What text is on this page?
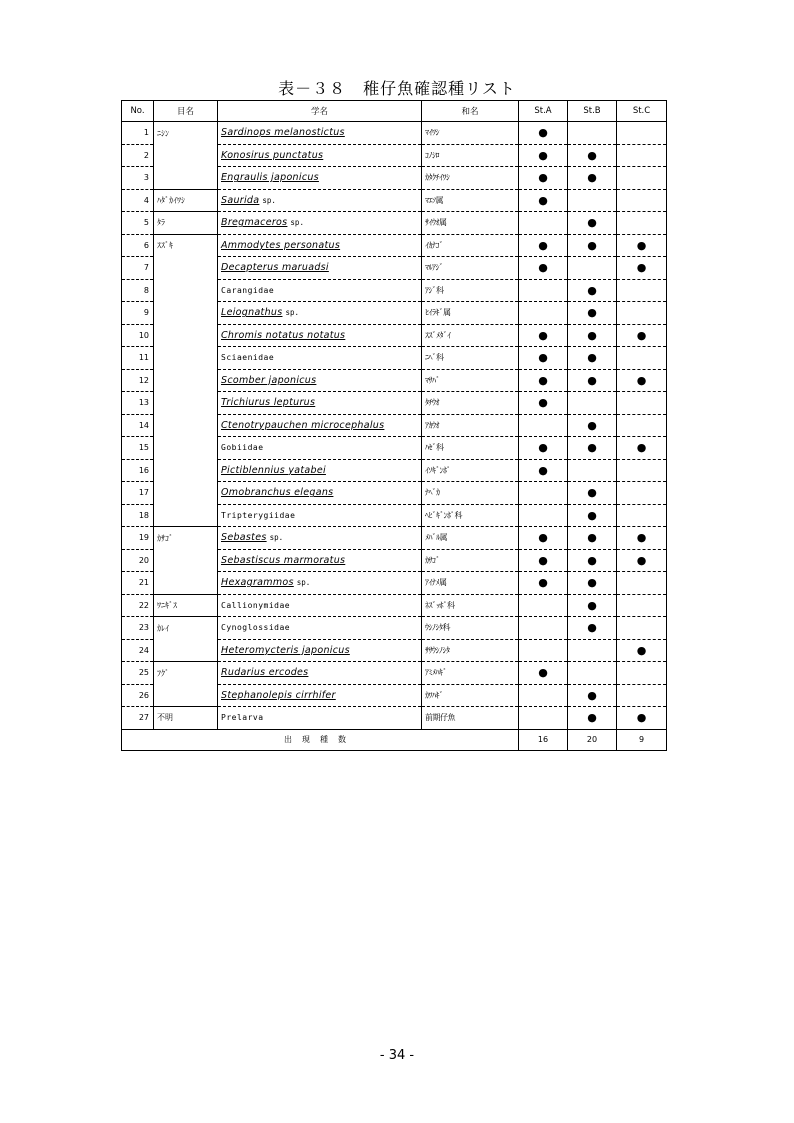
表－３８　稚仔魚確認種リスト
No.	目名	学名	和名	St.A	St.B	St.C
1	ﾆｼﾝ	Sardinops melanostictus	ﾏｲﾜｼ	●		
2		Konosirus punctatus	ｺﾉｼﾛ	●	●	
3		Engraulis japonicus	ｶﾀｸﾁｲﾜｼ	●	●	
4	ﾊﾀﾞｶｲﾜｼ	Saurida sp.	ﾏｴｿ属	●		
5	ﾀﾗ	Bregmaceros sp.	ｻｲｳｵ属		●	
6	ｽｽﾞｷ	Ammodytes personatus	ｲｶﾅｺﾞ	●	●	●
7		Decapterus maruadsi	ﾏﾙｱｼﾞ	●		●
8		Carangidae	ｱｼﾞ科		●	
9		Leiognathus sp.	ﾋｲﾗｷﾞ属		●	
10		Chromis notatus notatus	ｽｽﾞﾒﾀﾞｲ	●	●	●
11		Sciaenidae	ﾆﾍﾞ科	●	●	
12		Scomber japonicus	ﾏｻﾊﾞ	●	●	●
13		Trichiurus lepturus	ﾀﾁｳｵ	●		
14		Ctenotrypauchen microcephalus	ｱｶｳｵ		●	
15		Gobiidae	ﾊｾﾞ科	●	●	●
16		Pictiblennius yatabei	ｲｿｷﾞﾝﾎﾟ	●		
17		Omobranchus elegans	ﾅﾍﾞｶ		●	
18		Tripterygiidae	ﾍﾋﾞｷﾞﾝﾎﾟ科		●	
19	ｶｻｺﾞ	Sebastes sp.	ﾒﾊﾞﾙ属	●	●	●
20		Sebastiscus marmoratus	ｶｻｺﾞ	●	●	●
21		Hexagrammos sp.	ｱｲﾅﾒ属	●	●	
22	ﾜﾆｷﾞｽ	Callionymidae	ﾈｽﾞｯﾎﾟ科		●	
23	ｶﾚｲ	Cynoglossidae	ｳｼﾉｼﾀ科		●	
24		Heteromycteris japonicus	ｻｻｳｼﾉｼﾀ			●
25	ﾌｸﾞ	Rudarius ercodes	ｱﾐﾒﾊｷﾞ	●		
26		Stephanolepis cirrhifer	ｶﾜﾊｷﾞ		●	
27	不明	Prelarva	前期仔魚		●	●
出現種数				16	20	9
- 34 -
